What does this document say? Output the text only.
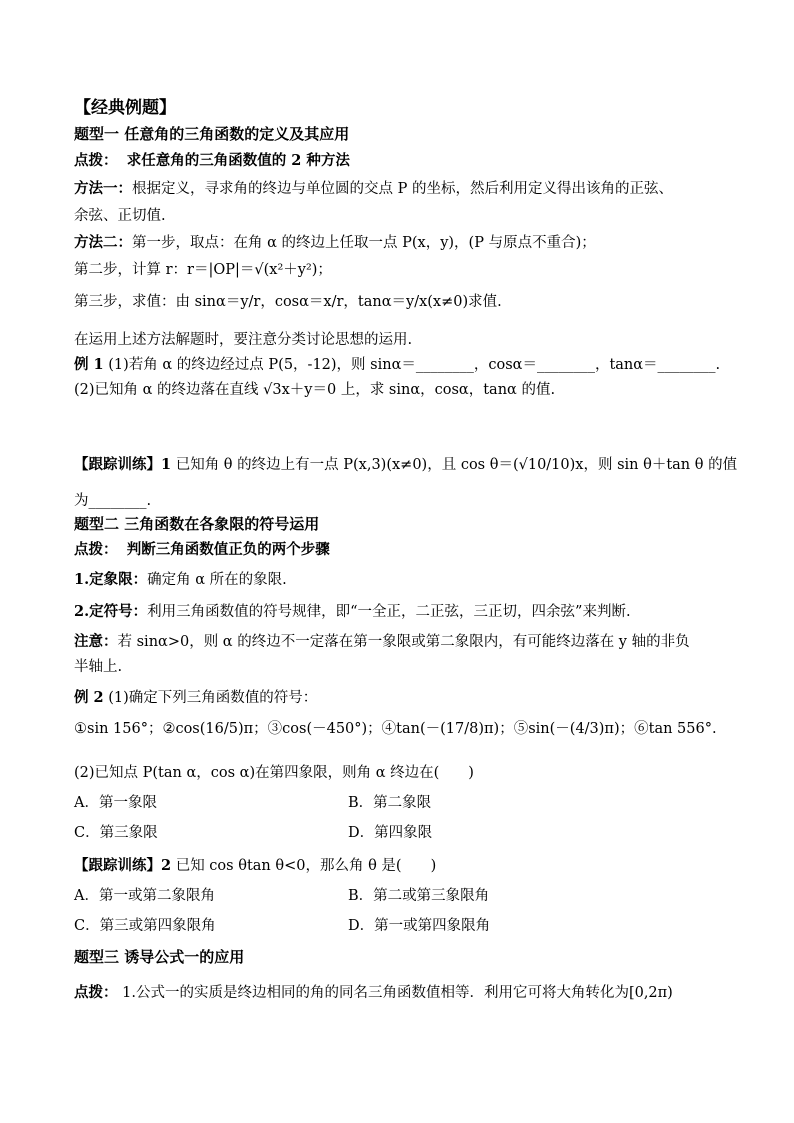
【经典例题】
题型一 任意角的三角函数的定义及其应用
点拨： 求任意角的三角函数值的 2 种方法
方法一：根据定义，寻求角的终边与单位圆的交点 P 的坐标，然后利用定义得出该角的正弦、
余弦、正切值.
方法二：第一步，取点：在角 α 的终边上任取一点 P(x，y)，(P 与原点不重合)；
第二步，计算 r：r＝|OP|＝√(x²＋y²)；
第三步，求值：由 sinα＝y/r，cosα＝x/r，tanα＝y/x(x≠0)求值.
在运用上述方法解题时，要注意分类讨论思想的运用.
例 1 (1)若角 α 的终边经过点 P(5，-12)，则 sinα＝________，cosα＝________，tanα＝________.
(2)已知角 α 的终边落在直线 √3x＋y＝0 上，求 sinα，cosα，tanα 的值.
【跟踪训练】1 已知角 θ 的终边上有一点 P(x,3)(x≠0)，且 cos θ＝(√10/10)x，则 sin θ＋tan θ 的值
为________.
题型二 三角函数在各象限的符号运用
点拨： 判断三角函数值正负的两个步骤
1.定象限：确定角 α 所在的象限.
2.定符号：利用三角函数值的符号规律，即“一全正，二正弦，三正切，四余弦”来判断.
注意：若 sinα>0，则 α 的终边不一定落在第一象限或第二象限内，有可能终边落在 y 轴的非负
半轴上.
例 2 (1)确定下列三角函数值的符号：
①sin 156°；②cos(16/5)π；③cos(－450°)；④tan(－(17/8)π)；⑤sin(－(4/3)π)；⑥tan 556°.
(2)已知点 P(tan α，cos α)在第四象限，则角 α 终边在(　　)
A．第一象限	B．第二象限
C．第三象限	D．第四象限
【跟踪训练】2 已知 cos θtan θ<0，那么角 θ 是(　　)
A．第一或第二象限角	B．第二或第三象限角
C．第三或第四象限角	D．第一或第四象限角
题型三 诱导公式一的应用
点拨： 1.公式一的实质是终边相同的角的同名三角函数值相等．利用它可将大角转化为[0,2π)
